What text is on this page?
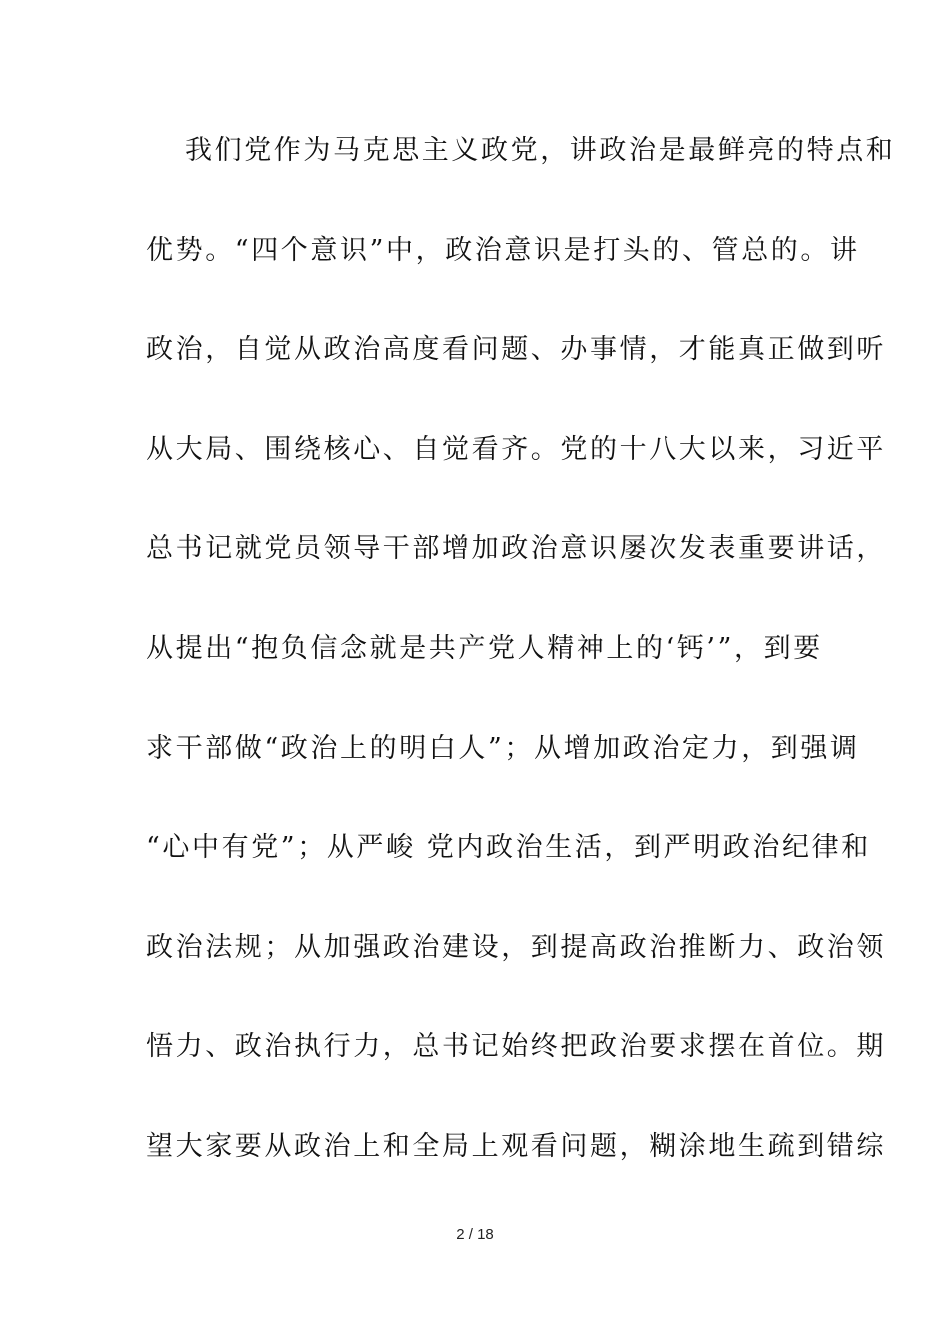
我们党作为马克思主义政党，讲政治是最鲜亮的特点和
优势。“四个意识”中，政治意识是打头的、管总的。讲
政治，自觉从政治高度看问题、办事情，才能真正做到听
从大局、围绕核心、自觉看齐。党的十八大以来，习近平
总书记就党员领导干部增加政治意识屡次发表重要讲话，
从提出“抱负信念就是共产党人精神上的‘钙’”，到要
求干部做“政治上的明白人”；从增加政治定力，到强调
“心中有党”；从严峻 党内政治生活，到严明政治纪律和
政治法规；从加强政治建设，到提高政治推断力、政治领
悟力、政治执行力，总书记始终把政治要求摆在首位。期
望大家要从政治上和全局上观看问题，糊涂地生疏到错综
2 / 18
